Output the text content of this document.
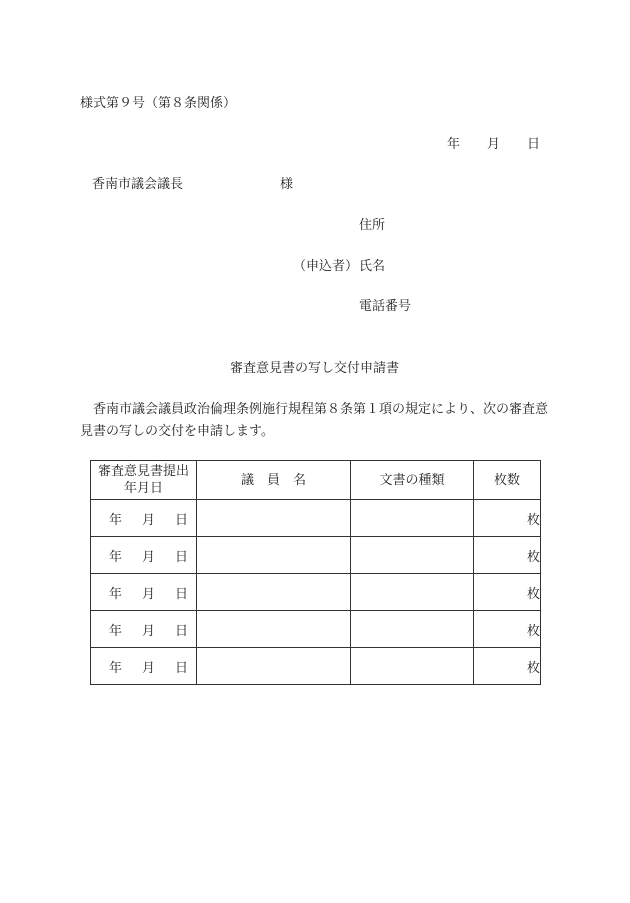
様式第９号（第８条関係）
年 月 日
香南市議会議長	様
住所
（申込者） 氏名
電話番号
審査意見書の写し交付申請書
香南市議会議員政治倫理条例施行規程第８条第１項の規定により、次の審査意見書の写しの交付を申請します。
審査意見書提出
年月日	議　員　名	文書の種類	枚数

年 月 日			枚

年 月 日			枚

年 月 日			枚

年 月 日			枚

年 月 日			枚
